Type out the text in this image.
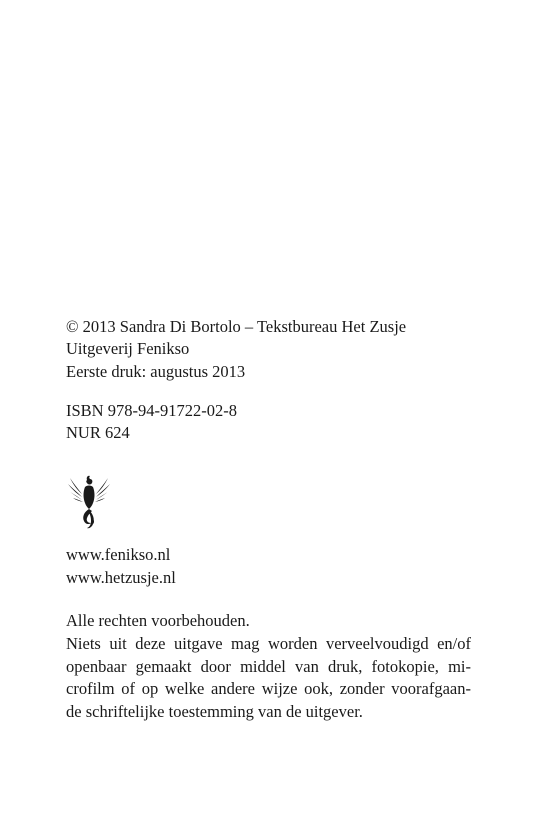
© 2013 Sandra Di Bortolo – Tekstbureau Het Zusje
Uitgeverij Fenikso
Eerste druk: augustus 2013
ISBN 978-94-91722-02-8
NUR 624
www.fenikso.nl
www.hetzusje.nl
Alle rechten voorbehouden.
Niets uit deze uitgave mag worden verveelvoudigd en/of
openbaar gemaakt door middel van druk, fotokopie, mi-
crofilm of op welke andere wijze ook, zonder voorafgaan-
de schriftelijke toestemming van de uitgever.
